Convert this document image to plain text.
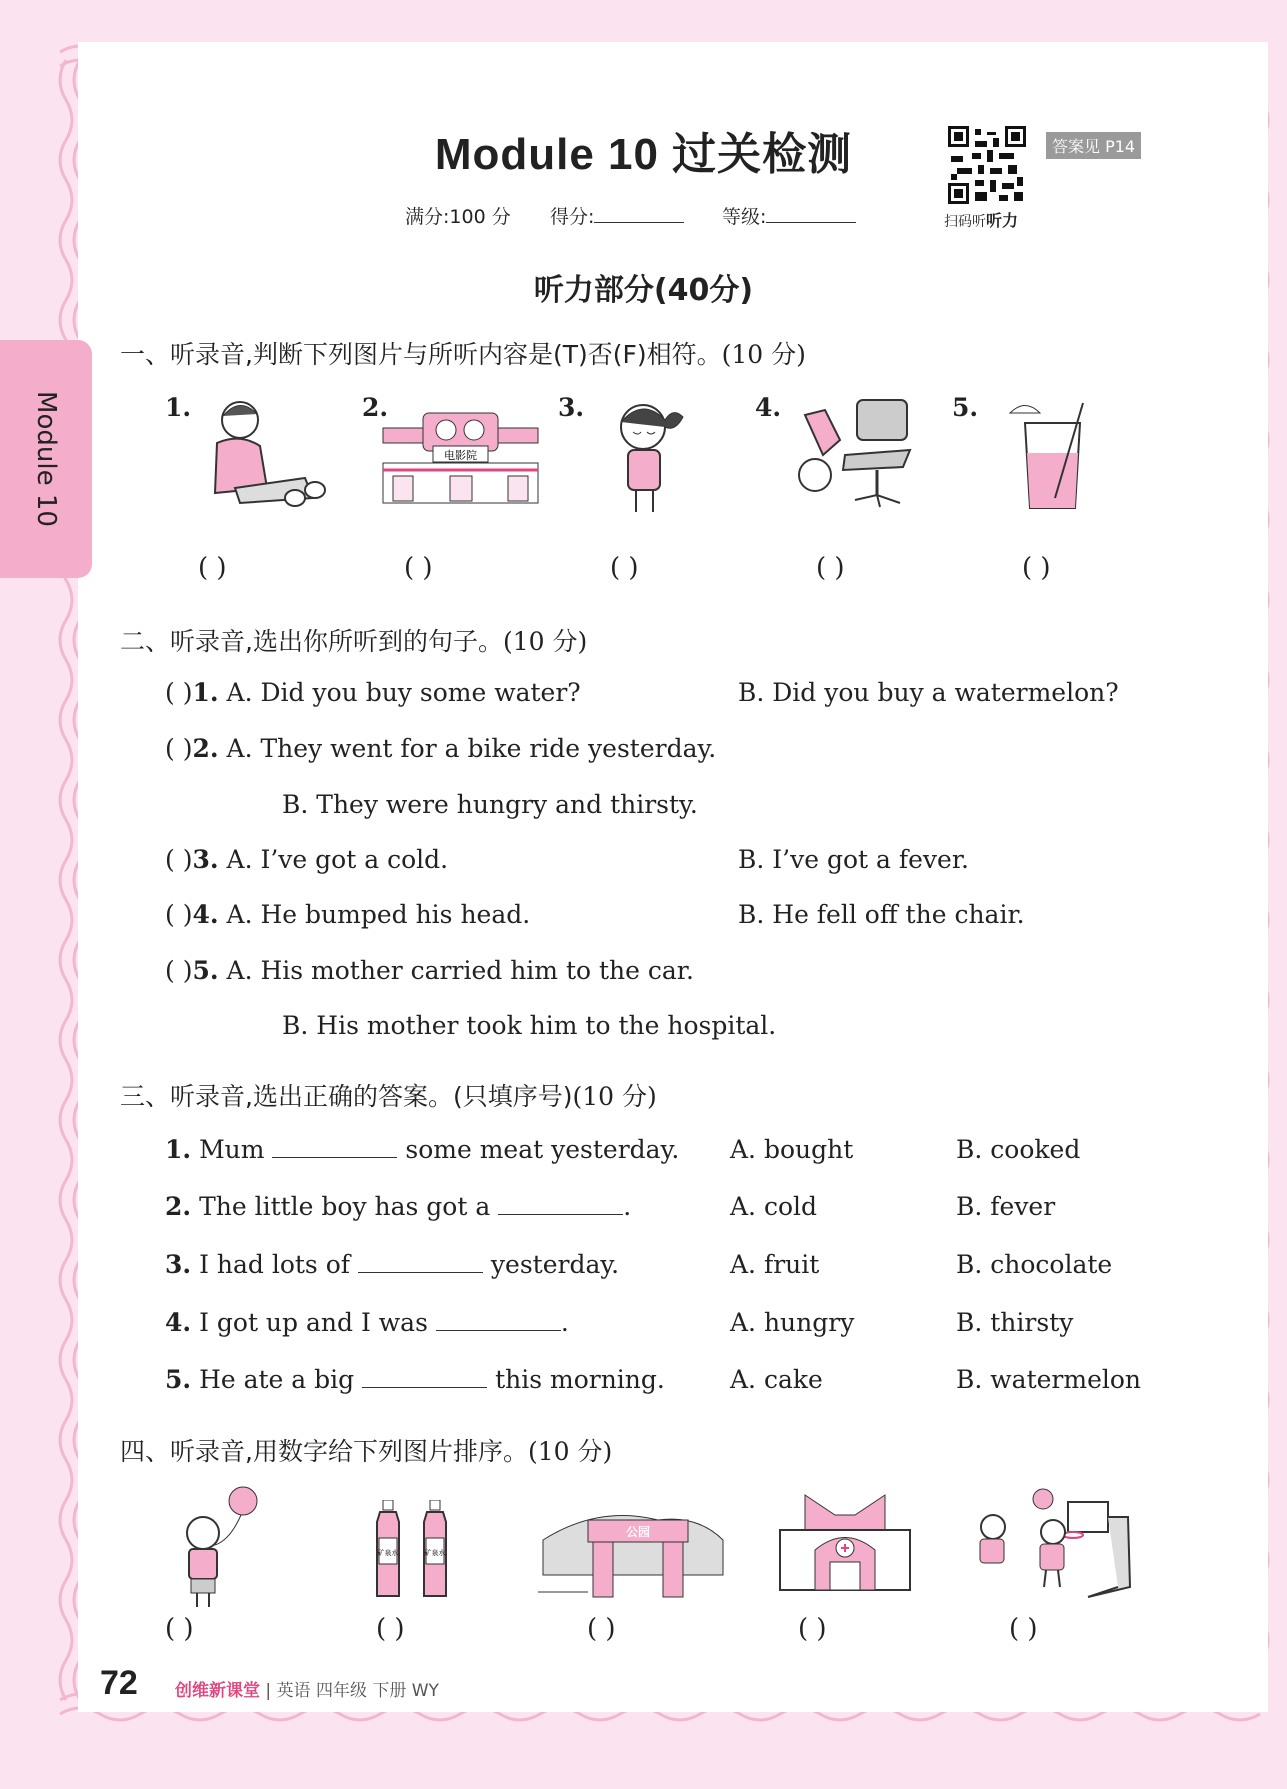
Module 10
Module 10 过关检测
满分:100 分 得分:	等级:	扫码听听力
答案见 P14
听力部分(40分)
一、听录音,判断下列图片与所听内容是(T)否(F)相符。(10 分)
1.	2.	3.	4.	5.
电影院
( )	( )	( )	( )	( )
二、听录音,选出你所听到的句子。(10 分)
( )1. A. Did you buy some water?	B. Did you buy a watermelon?
( )2. A. They went for a bike ride yesterday.
B. They were hungry and thirsty.
( )3. A. I’ve got a cold.	B. I’ve got a fever.
( )4. A. He bumped his head.	B. He fell off the chair.
( )5. A. His mother carried him to the car.
B. His mother took him to the hospital.
三、听录音,选出正确的答案。(只填序号)(10 分)
1. Mum	some meat yesterday. A. bought	B. cooked
2. The little boy has got a	.	A. cold	B. fever
3. I had lots of	yesterday.	A. fruit	B. chocolate
4. I got up and I was	.	A. hungry	B. thirsty
5. He ate a big	this morning.	A. cake	B. watermelon
四、听录音,用数字给下列图片排序。(10 分)
矿泉水	矿泉水
公园
( )	( )	( )	( )	( )
72 创维新课堂 | 英语 四年级 下册 WY
